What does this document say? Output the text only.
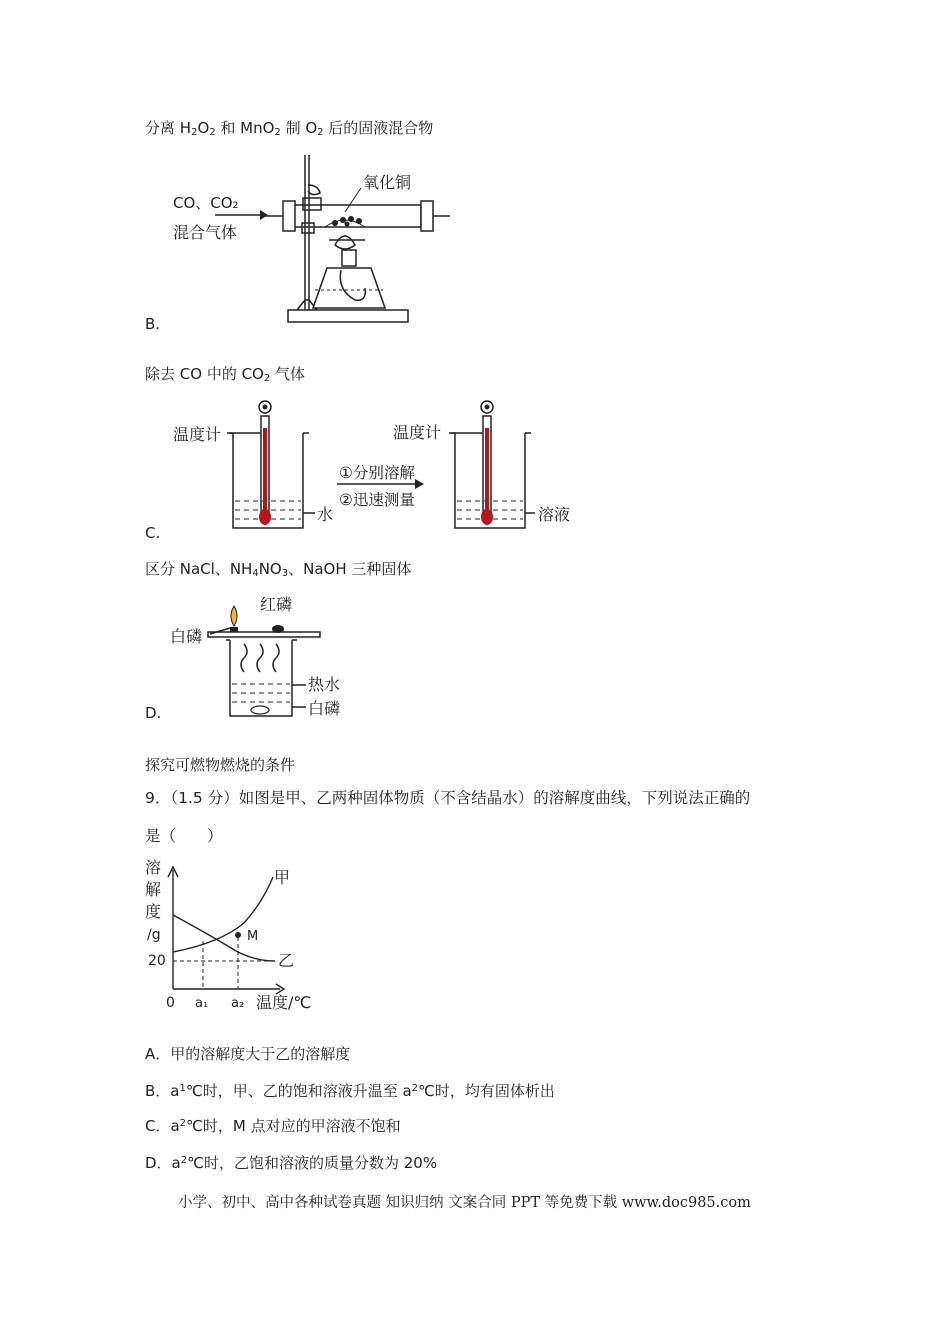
分离 $H_2O_2$ 和 MnO$_2$ 制 $O_2$ 后的固液混合物
CO、CO₂
混合气体
氧化铜
B.
除去 CO 中的 $CO_2$ 气体
温度计	温度计
①分别溶解
②迅速测量
水	溶液
C.
区分 NaCl、$NH_4NO_3$、NaOH 三种固体
红磷
白磷
热水
白磷
D.
探究可燃物燃烧的条件
9．（1.5 分）如图是甲、乙两种固体物质（不含结晶水）的溶解度曲线，下列说法正确的
是（　　）
M
甲
乙
溶
解
度
/g
20
0 a₁ a₂ 温度/℃
A．甲的溶解度大于乙的溶解度
B．$a^1℃$时，甲、乙的饱和溶液升温至 $a^2℃$时，均有固体析出
C．$a^2℃$时，M 点对应的甲溶液不饱和
D．$a^2℃$时，乙饱和溶液的质量分数为 20%
小学、初中、高中各种试卷真题 知识归纳 文案合同 PPT 等免费下载 www.doc985.com
